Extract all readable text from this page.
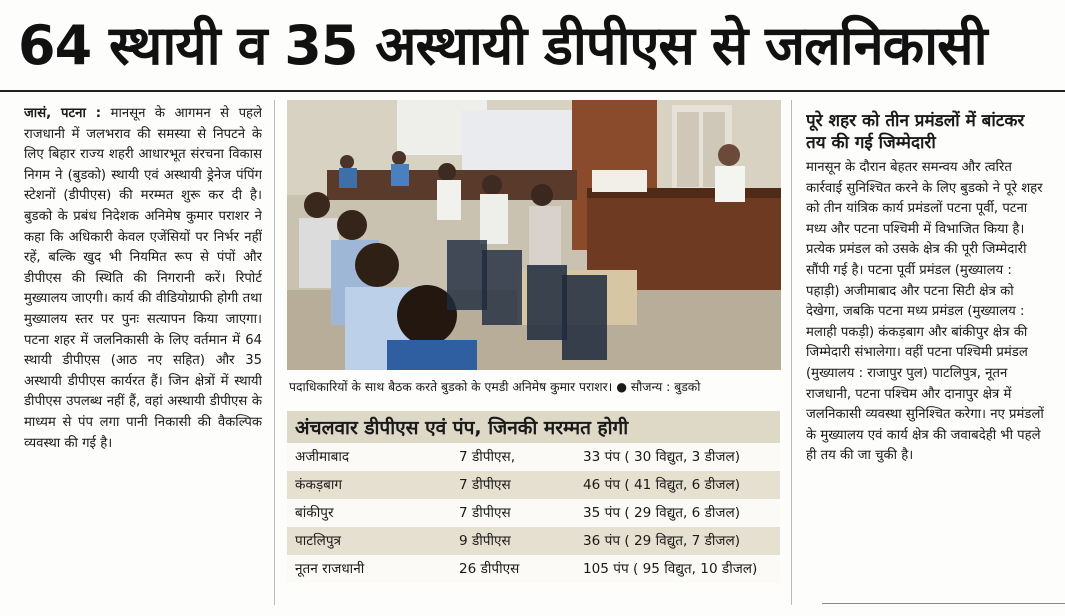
64 स्थायी व 35 अस्थायी डीपीएस से जलनिकासी

जासं, पटना : मानसून के आगमन से पहले राजधानी में जलभराव की समस्या से निपटने के लिए बिहार राज्य शहरी आधारभूत संरचना विकास निगम ने (बुडको) स्थायी एवं अस्थायी ड्रेनेज पंपिंग स्टेशनों (डीपीएस) की मरम्मत शुरू कर दी है। बुडको के प्रबंध निदेशक अनिमेष कुमार पराशर ने कहा कि अधिकारी केवल एजेंसियों पर निर्भर नहीं रहें, बल्कि खुद भी नियमित रूप से पंपों और डीपीएस की स्थिति की निगरानी करें। रिपोर्ट मुख्यालय जाएगी। कार्य की वीडियोग्राफी होगी तथा मुख्यालय स्तर पर पुनः सत्यापन किया जाएगा। पटना शहर में जलनिकासी के लिए वर्तमान में 64 स्थायी डीपीएस (आठ नए सहित) और 35 अस्थायी डीपीएस कार्यरत हैं। जिन क्षेत्रों में स्थायी डीपीएस उपलब्ध नहीं हैं, वहां अस्थायी डीपीएस के माध्यम से पंप लगा पानी निकासी की वैकल्पिक व्यवस्था की गई है।

पदाधिकारियों के साथ बैठक करते बुडको के एमडी अनिमेष कुमार पराशर। ● सौजन्य : बुडको
अंचलवार डीपीएस एवं पंप, जिनकी मरम्मत होगी
अजीमाबाद	7 डीपीएस,	33 पंप ( 30 विद्युत, 3 डीजल)
कंकड़बाग	7 डीपीएस	46 पंप ( 41 विद्युत, 6 डीजल)
बांकीपुर	7 डीपीएस	35 पंप ( 29 विद्युत, 6 डीजल)
पाटलिपुत्र	9 डीपीएस	36 पंप ( 29 विद्युत, 7 डीजल)
नूतन राजधानी	26 डीपीएस	105 पंप ( 95 विद्युत, 10 डीजल)
पूरे शहर को तीन प्रमंडलों में बांटकर तय की गई जिम्मेदारी

मानसून के दौरान बेहतर समन्वय और त्वरित कार्रवाई सुनिश्चित करने के लिए बुडको ने पूरे शहर को तीन यांत्रिक कार्य प्रमंडलों पटना पूर्वी, पटना मध्य और पटना पश्चिमी में विभाजित किया है। प्रत्येक प्रमंडल को उसके क्षेत्र की पूरी जिम्मेदारी सौंपी गई है। पटना पूर्वी प्रमंडल (मुख्यालय : पहाड़ी) अजीमाबाद और पटना सिटी क्षेत्र को देखेगा, जबकि पटना मध्य प्रमंडल (मुख्यालय : मलाही पकड़ी) कंकड़बाग और बांकीपुर क्षेत्र की जिम्मेदारी संभालेगा। वहीं पटना पश्चिमी प्रमंडल (मुख्यालय : राजापुर पुल) पाटलिपुत्र, नूतन राजधानी, पटना पश्चिम और दानापुर क्षेत्र में जलनिकासी व्यवस्था सुनिश्चित करेगा। नए प्रमंडलों के मुख्यालय एवं कार्य क्षेत्र की जवाबदेही भी पहले ही तय की जा चुकी है।
